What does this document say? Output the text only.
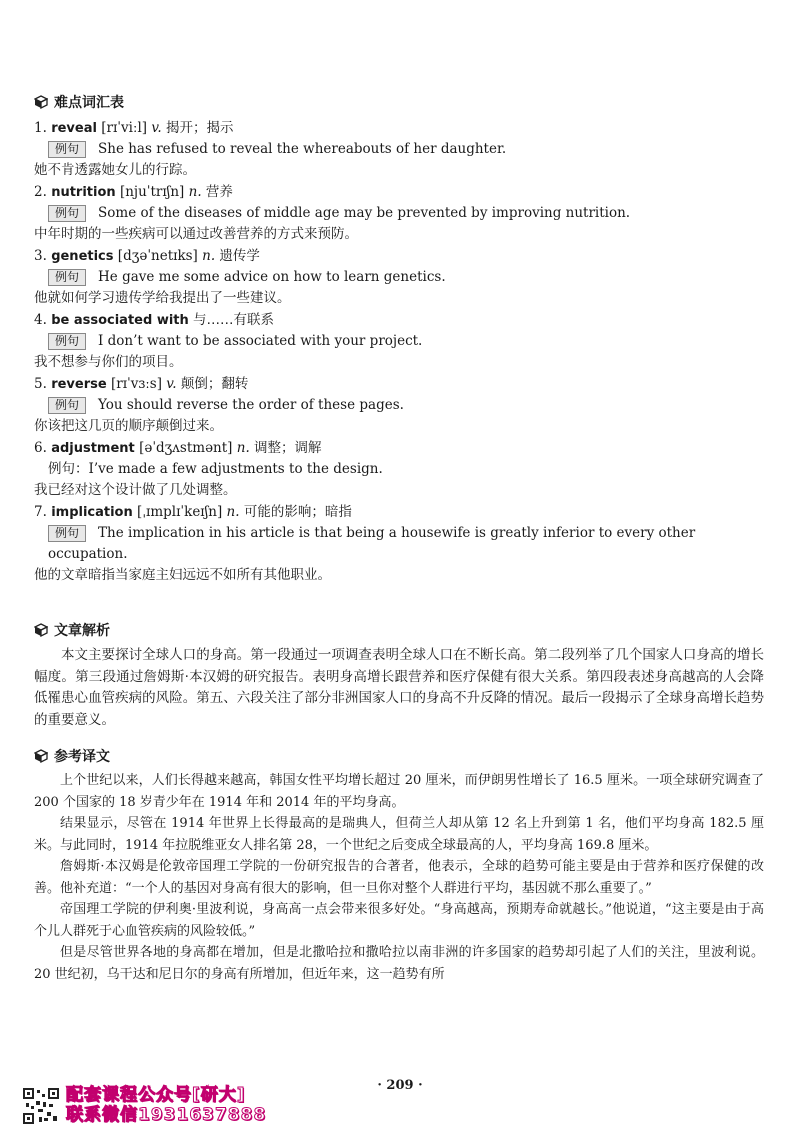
难点词汇表
1. reveal [rɪˈviːl] v. 揭开；揭示
例句 She has refused to reveal the whereabouts of her daughter.
她不肯透露她女儿的行踪。
2. nutrition [njuˈtrɪʃn] n. 营养
例句 Some of the diseases of middle age may be prevented by improving nutrition.
中年时期的一些疾病可以通过改善营养的方式来预防。
3. genetics [dʒəˈnetɪks] n. 遗传学
例句 He gave me some advice on how to learn genetics.
他就如何学习遗传学给我提出了一些建议。
4. be associated with 与……有联系
例句 I don’t want to be associated with your project.
我不想参与你们的项目。
5. reverse [rɪˈvɜːs] v. 颠倒；翻转
例句 You should reverse the order of these pages.
你该把这几页的顺序颠倒过来。
6. adjustment [əˈdʒʌstmənt] n. 调整；调解
例句：I’ve made a few adjustments to the design.
我已经对这个设计做了几处调整。
7. implication [ˌɪmplɪˈkeɪʃn] n. 可能的影响；暗指
例句 The implication in his article is that being a housewife is greatly inferior to every other occupation.
他的文章暗指当家庭主妇远远不如所有其他职业。
文章解析
本文主要探讨全球人口的身高。第一段通过一项调查表明全球人口在不断长高。第二段列举了几个国家人口身高的增长幅度。第三段通过詹姆斯·本汉姆的研究报告。表明身高增长跟营养和医疗保健有很大关系。第四段表述身高越高的人会降低罹患心血管疾病的风险。第五、六段关注了部分非洲国家人口的身高不升反降的情况。最后一段揭示了全球身高增长趋势的重要意义。
参考译文

上个世纪以来，人们长得越来越高，韩国女性平均增长超过 20 厘米，而伊朗男性增长了 16.5 厘米。一项全球研究调查了 200 个国家的 18 岁青少年在 1914 年和 2014 年的平均身高。

结果显示，尽管在 1914 年世界上长得最高的是瑞典人，但荷兰人却从第 12 名上升到第 1 名，他们平均身高 182.5 厘米。与此同时，1914 年拉脱维亚女人排名第 28，一个世纪之后变成全球最高的人，平均身高 169.8 厘米。

詹姆斯·本汉姆是伦敦帝国理工学院的一份研究报告的合著者，他表示，全球的趋势可能主要是由于营养和医疗保健的改善。他补充道：“一个人的基因对身高有很大的影响，但一旦你对整个人群进行平均，基因就不那么重要了。”

帝国理工学院的伊利奥·里波利说，身高高一点会带来很多好处。“身高越高，预期寿命就越长。”他说道，“这主要是由于高个儿人群死于心血管疾病的风险较低。”

但是尽管世界各地的身高都在增加，但是北撒哈拉和撒哈拉以南非洲的许多国家的趋势却引起了人们的关注，里波利说。20 世纪初，乌干达和尼日尔的身高有所增加，但近年来，这一趋势有所

· 209 ·
配套课程公众号[研大]
联系微信1931637888
